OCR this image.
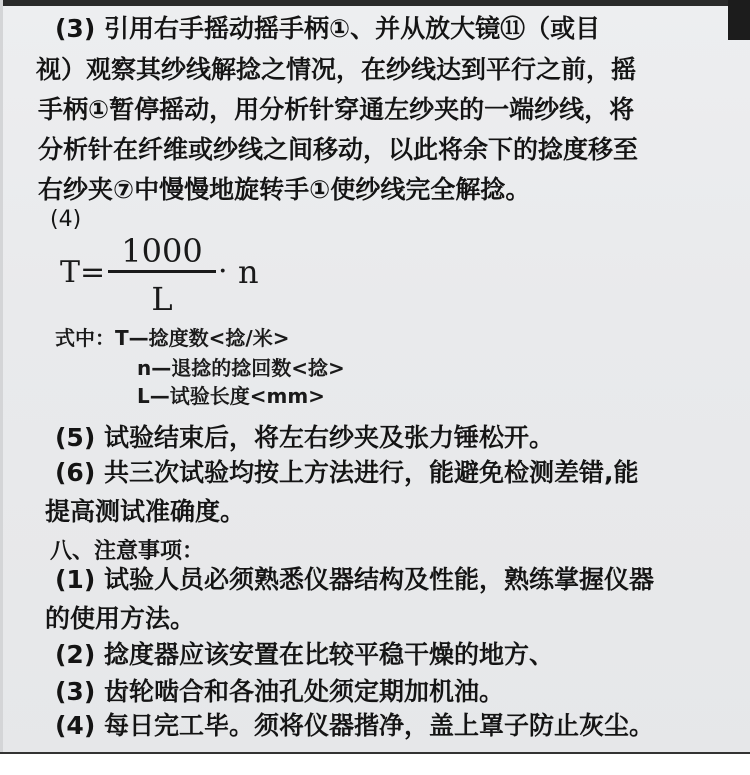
(3) 引用右手摇动摇手柄①、并从放大镜⑪（或目
视）观察其纱线解捻之情况，在纱线达到平行之前，摇
手柄①暂停摇动，用分析针穿通左纱夹的一端纱线，将
分析针在纤维或纱线之间移动，以此将余下的捻度移至
右纱夹⑦中慢慢地旋转手①使纱线完全解捻。
(4)
T=
1000
L
· n
式中：T—捻度数<捻/米>
n—退捻的捻回数<捻>
L—试验长度<mm>
(5) 试验结束后，将左右纱夹及张力锤松开。
(6) 共三次试验均按上方法进行，能避免检测差错,能
提高测试准确度。
八、注意事项：
(1) 试验人员必须熟悉仪器结构及性能，熟练掌握仪器
的使用方法。
(2) 捻度器应该安置在比较平稳干燥的地方、
(3) 齿轮啮合和各油孔处须定期加机油。
(4) 每日完工毕。须将仪器揩净，盖上罩子防止灰尘。
